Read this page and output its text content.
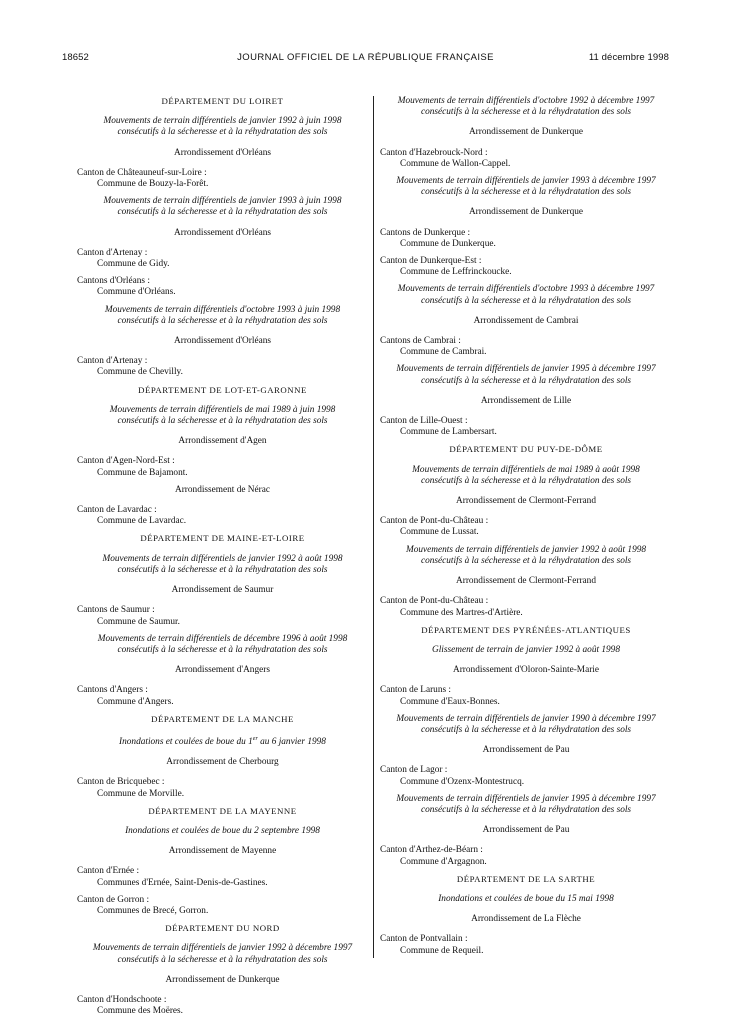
18652	JOURNAL OFFICIEL DE LA RÉPUBLIQUE FRANÇAISE	11 décembre 1998
DÉPARTEMENT DU LOIRET
Mouvements de terrain différentiels de janvier 1992 à juin 1998
consécutifs à la sécheresse et à la réhydratation des sols
Arrondissement d'Orléans
Canton de Châteauneuf-sur-Loire :
Commune de Bouzy-la-Forêt.
Mouvements de terrain différentiels de janvier 1993 à juin 1998
consécutifs à la sécheresse et à la réhydratation des sols
Arrondissement d'Orléans
Canton d'Artenay :
Commune de Gidy.
Cantons d'Orléans :
Commune d'Orléans.
Mouvements de terrain différentiels d'octobre 1993 à juin 1998
consécutifs à la sécheresse et à la réhydratation des sols
Arrondissement d'Orléans
Canton d'Artenay :
Commune de Chevilly.
DÉPARTEMENT DE LOT-ET-GARONNE
Mouvements de terrain différentiels de mai 1989 à juin 1998
consécutifs à la sécheresse et à la réhydratation des sols
Arrondissement d'Agen
Canton d'Agen-Nord-Est :
Commune de Bajamont.
Arrondissement de Nérac
Canton de Lavardac :
Commune de Lavardac.
DÉPARTEMENT DE MAINE-ET-LOIRE
Mouvements de terrain différentiels de janvier 1992 à août 1998
consécutifs à la sécheresse et à la réhydratation des sols
Arrondissement de Saumur
Cantons de Saumur :
Commune de Saumur.
Mouvements de terrain différentiels de décembre 1996 à août 1998
consécutifs à la sécheresse et à la réhydratation des sols
Arrondissement d'Angers
Cantons d'Angers :
Commune d'Angers.
DÉPARTEMENT DE LA MANCHE
Inondations et coulées de boue du 1er au 6 janvier 1998
Arrondissement de Cherbourg
Canton de Bricquebec :
Commune de Morville.
DÉPARTEMENT DE LA MAYENNE
Inondations et coulées de boue du 2 septembre 1998
Arrondissement de Mayenne
Canton d'Ernée :
Communes d'Ernée, Saint-Denis-de-Gastines.
Canton de Gorron :
Communes de Brecé, Gorron.
DÉPARTEMENT DU NORD
Mouvements de terrain différentiels de janvier 1992 à décembre 1997
consécutifs à la sécheresse et à la réhydratation des sols
Arrondissement de Dunkerque
Canton d'Hondschoote :
Commune des Moëres.
Mouvements de terrain différentiels d'octobre 1992 à décembre 1997
consécutifs à la sécheresse et à la réhydratation des sols
Arrondissement de Dunkerque
Canton d'Hazebrouck-Nord :
Commune de Wallon-Cappel.
Mouvements de terrain différentiels de janvier 1993 à décembre 1997
consécutifs à la sécheresse et à la réhydratation des sols
Arrondissement de Dunkerque
Cantons de Dunkerque :
Commune de Dunkerque.
Canton de Dunkerque-Est :
Commune de Leffrinckoucke.
Mouvements de terrain différentiels d'octobre 1993 à décembre 1997
consécutifs à la sécheresse et à la réhydratation des sols
Arrondissement de Cambrai
Cantons de Cambrai :
Commune de Cambrai.
Mouvements de terrain différentiels de janvier 1995 à décembre 1997
consécutifs à la sécheresse et à la réhydratation des sols
Arrondissement de Lille
Canton de Lille-Ouest :
Commune de Lambersart.
DÉPARTEMENT DU PUY-DE-DÔME
Mouvements de terrain différentiels de mai 1989 à août 1998
consécutifs à la sécheresse et à la réhydratation des sols
Arrondissement de Clermont-Ferrand
Canton de Pont-du-Château :
Commune de Lussat.
Mouvements de terrain différentiels de janvier 1992 à août 1998
consécutifs à la sécheresse et à la réhydratation des sols
Arrondissement de Clermont-Ferrand
Canton de Pont-du-Château :
Commune des Martres-d'Artière.
DÉPARTEMENT DES PYRÉNÉES-ATLANTIQUES
Glissement de terrain de janvier 1992 à août 1998
Arrondissement d'Oloron-Sainte-Marie
Canton de Laruns :
Commune d'Eaux-Bonnes.
Mouvements de terrain différentiels de janvier 1990 à décembre 1997
consécutifs à la sécheresse et à la réhydratation des sols
Arrondissement de Pau
Canton de Lagor :
Commune d'Ozenx-Montestrucq.
Mouvements de terrain différentiels de janvier 1995 à décembre 1997
consécutifs à la sécheresse et à la réhydratation des sols
Arrondissement de Pau
Canton d'Arthez-de-Béarn :
Commune d'Argagnon.
DÉPARTEMENT DE LA SARTHE
Inondations et coulées de boue du 15 mai 1998
Arrondissement de La Flèche
Canton de Pontvallain :
Commune de Requeil.
